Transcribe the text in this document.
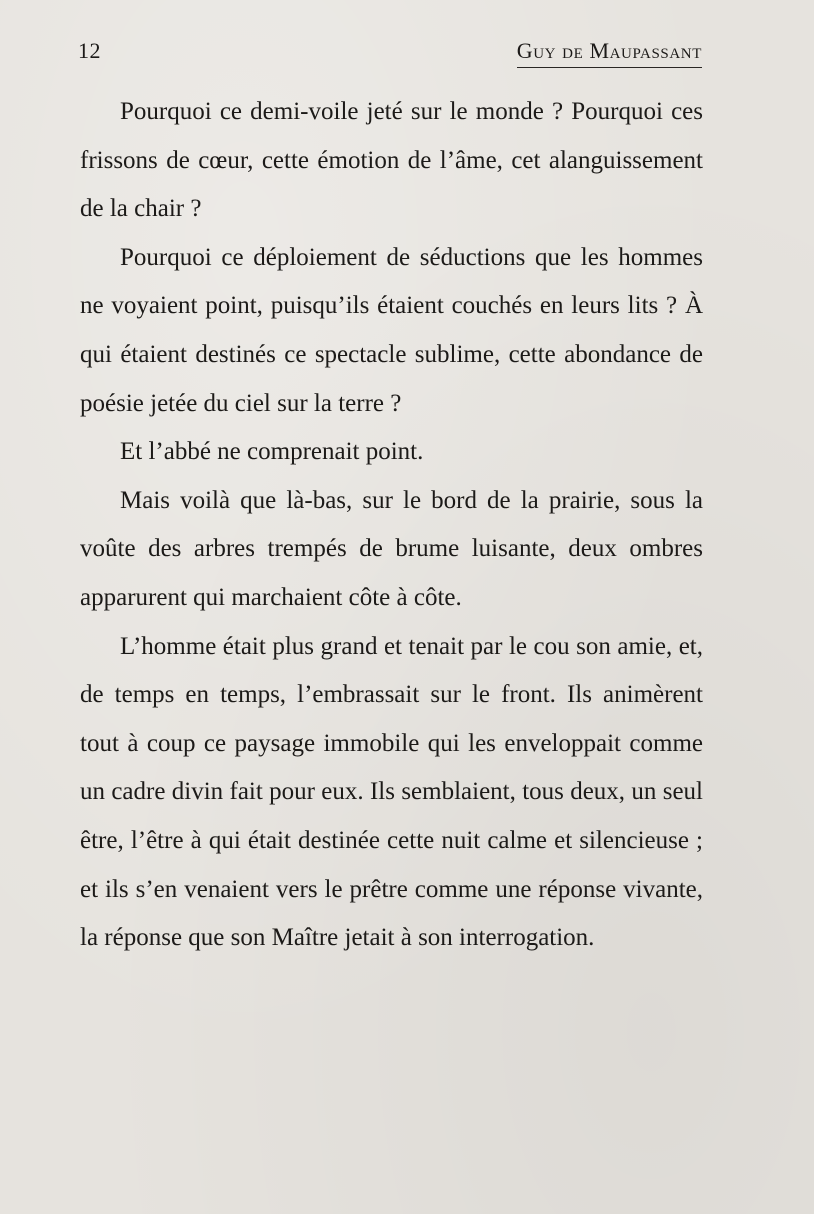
12	Guy de Maupassant

Pourquoi ce demi-voile jeté sur le monde ? Pourquoi ces frissons de cœur, cette émotion de l’âme, cet alanguissement de la chair ?

Pourquoi ce déploiement de séductions que les hommes ne voyaient point, puisqu’ils étaient couchés en leurs lits ? À qui étaient destinés ce spectacle sublime, cette abondance de poésie jetée du ciel sur la terre ?

Et l’abbé ne comprenait point.

Mais voilà que là-bas, sur le bord de la prairie, sous la voûte des arbres trempés de brume luisante, deux ombres apparurent qui marchaient côte à côte.

L’homme était plus grand et tenait par le cou son amie, et, de temps en temps, l’embrassait sur le front. Ils animèrent tout à coup ce paysage immobile qui les enveloppait comme un cadre divin fait pour eux. Ils semblaient, tous deux, un seul être, l’être à qui était destinée cette nuit calme et silencieuse ; et ils s’en venaient vers le prêtre comme une réponse vivante, la réponse que son Maître jetait à son interrogation.
